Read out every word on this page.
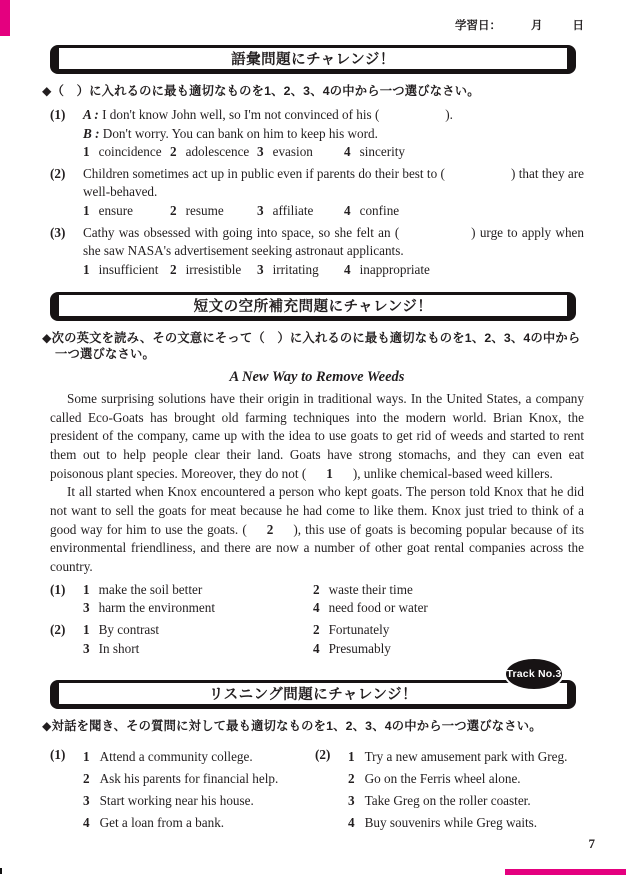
学習日：	月	日
語彙問題にチャレンジ！

◆（　）に入れるのに最も適切なものを1、2、3、4の中から一つ選びなさい。

(1)	A : I don't know John well, so I'm not convinced of his (　　　　　).
B : Don't worry. You can bank on him to keep his word.
1 coincidence 2 adolescence 3 evasion	4 sincerity
(2)	Children sometimes act up in public even if parents do their best to (　　　　　) that they are well-behaved.
1 ensure	2 resume	3 affiliate	4 confine
(3)	Cathy was obsessed with going into space, so she felt an (　　　　　) urge to apply when she saw NASA's advertisement seeking astronaut applicants.
1 insufficient 2 irresistible	3 irritating	4 inappropriate
短文の空所補充問題にチャレンジ！

◆次の英文を読み、その文意にそって（　）に入れるのに最も適切なものを1、2、3、4の中から一つ選びなさい。

A New Way to Remove Weeds

Some surprising solutions have their origin in traditional ways. In the United States, a company called Eco-Goats has brought old farming techniques into the modern world. Brian Knox, the president of the company, came up with the idea to use goats to get rid of weeds and started to rent them out to help people clear their land. Goats have strong stomachs, and they can even eat poisonous plant species. Moreover, they do not ( 1 ), unlike chemical-based weed killers.

It all started when Knox encountered a person who kept goats. The person told Knox that he did not want to sell the goats for meat because he had come to like them. Knox just tried to think of a good way for him to use the goats. ( 2 ), this use of goats is becoming popular because of its environmental friendliness, and there are now a number of other goat rental companies across the country.

(1)	1 make the soil better	2 waste their time
3 harm the environment	4 need food or water
(2)	1 By contrast	2 Fortunately
3 In short	4 Presumably
Track No.3
リスニング問題にチャレンジ！

◆対話を聞き、その質問に対して最も適切なものを1、2、3、4の中から一つ選びなさい。

(1)	1 Attend a community college.
2 Ask his parents for financial help.
3 Start working near his house.
4 Get a loan from a bank.
(2)	1 Try a new amusement park with Greg.
2 Go on the Ferris wheel alone.
3 Take Greg on the roller coaster.
4 Buy souvenirs while Greg waits.
7
